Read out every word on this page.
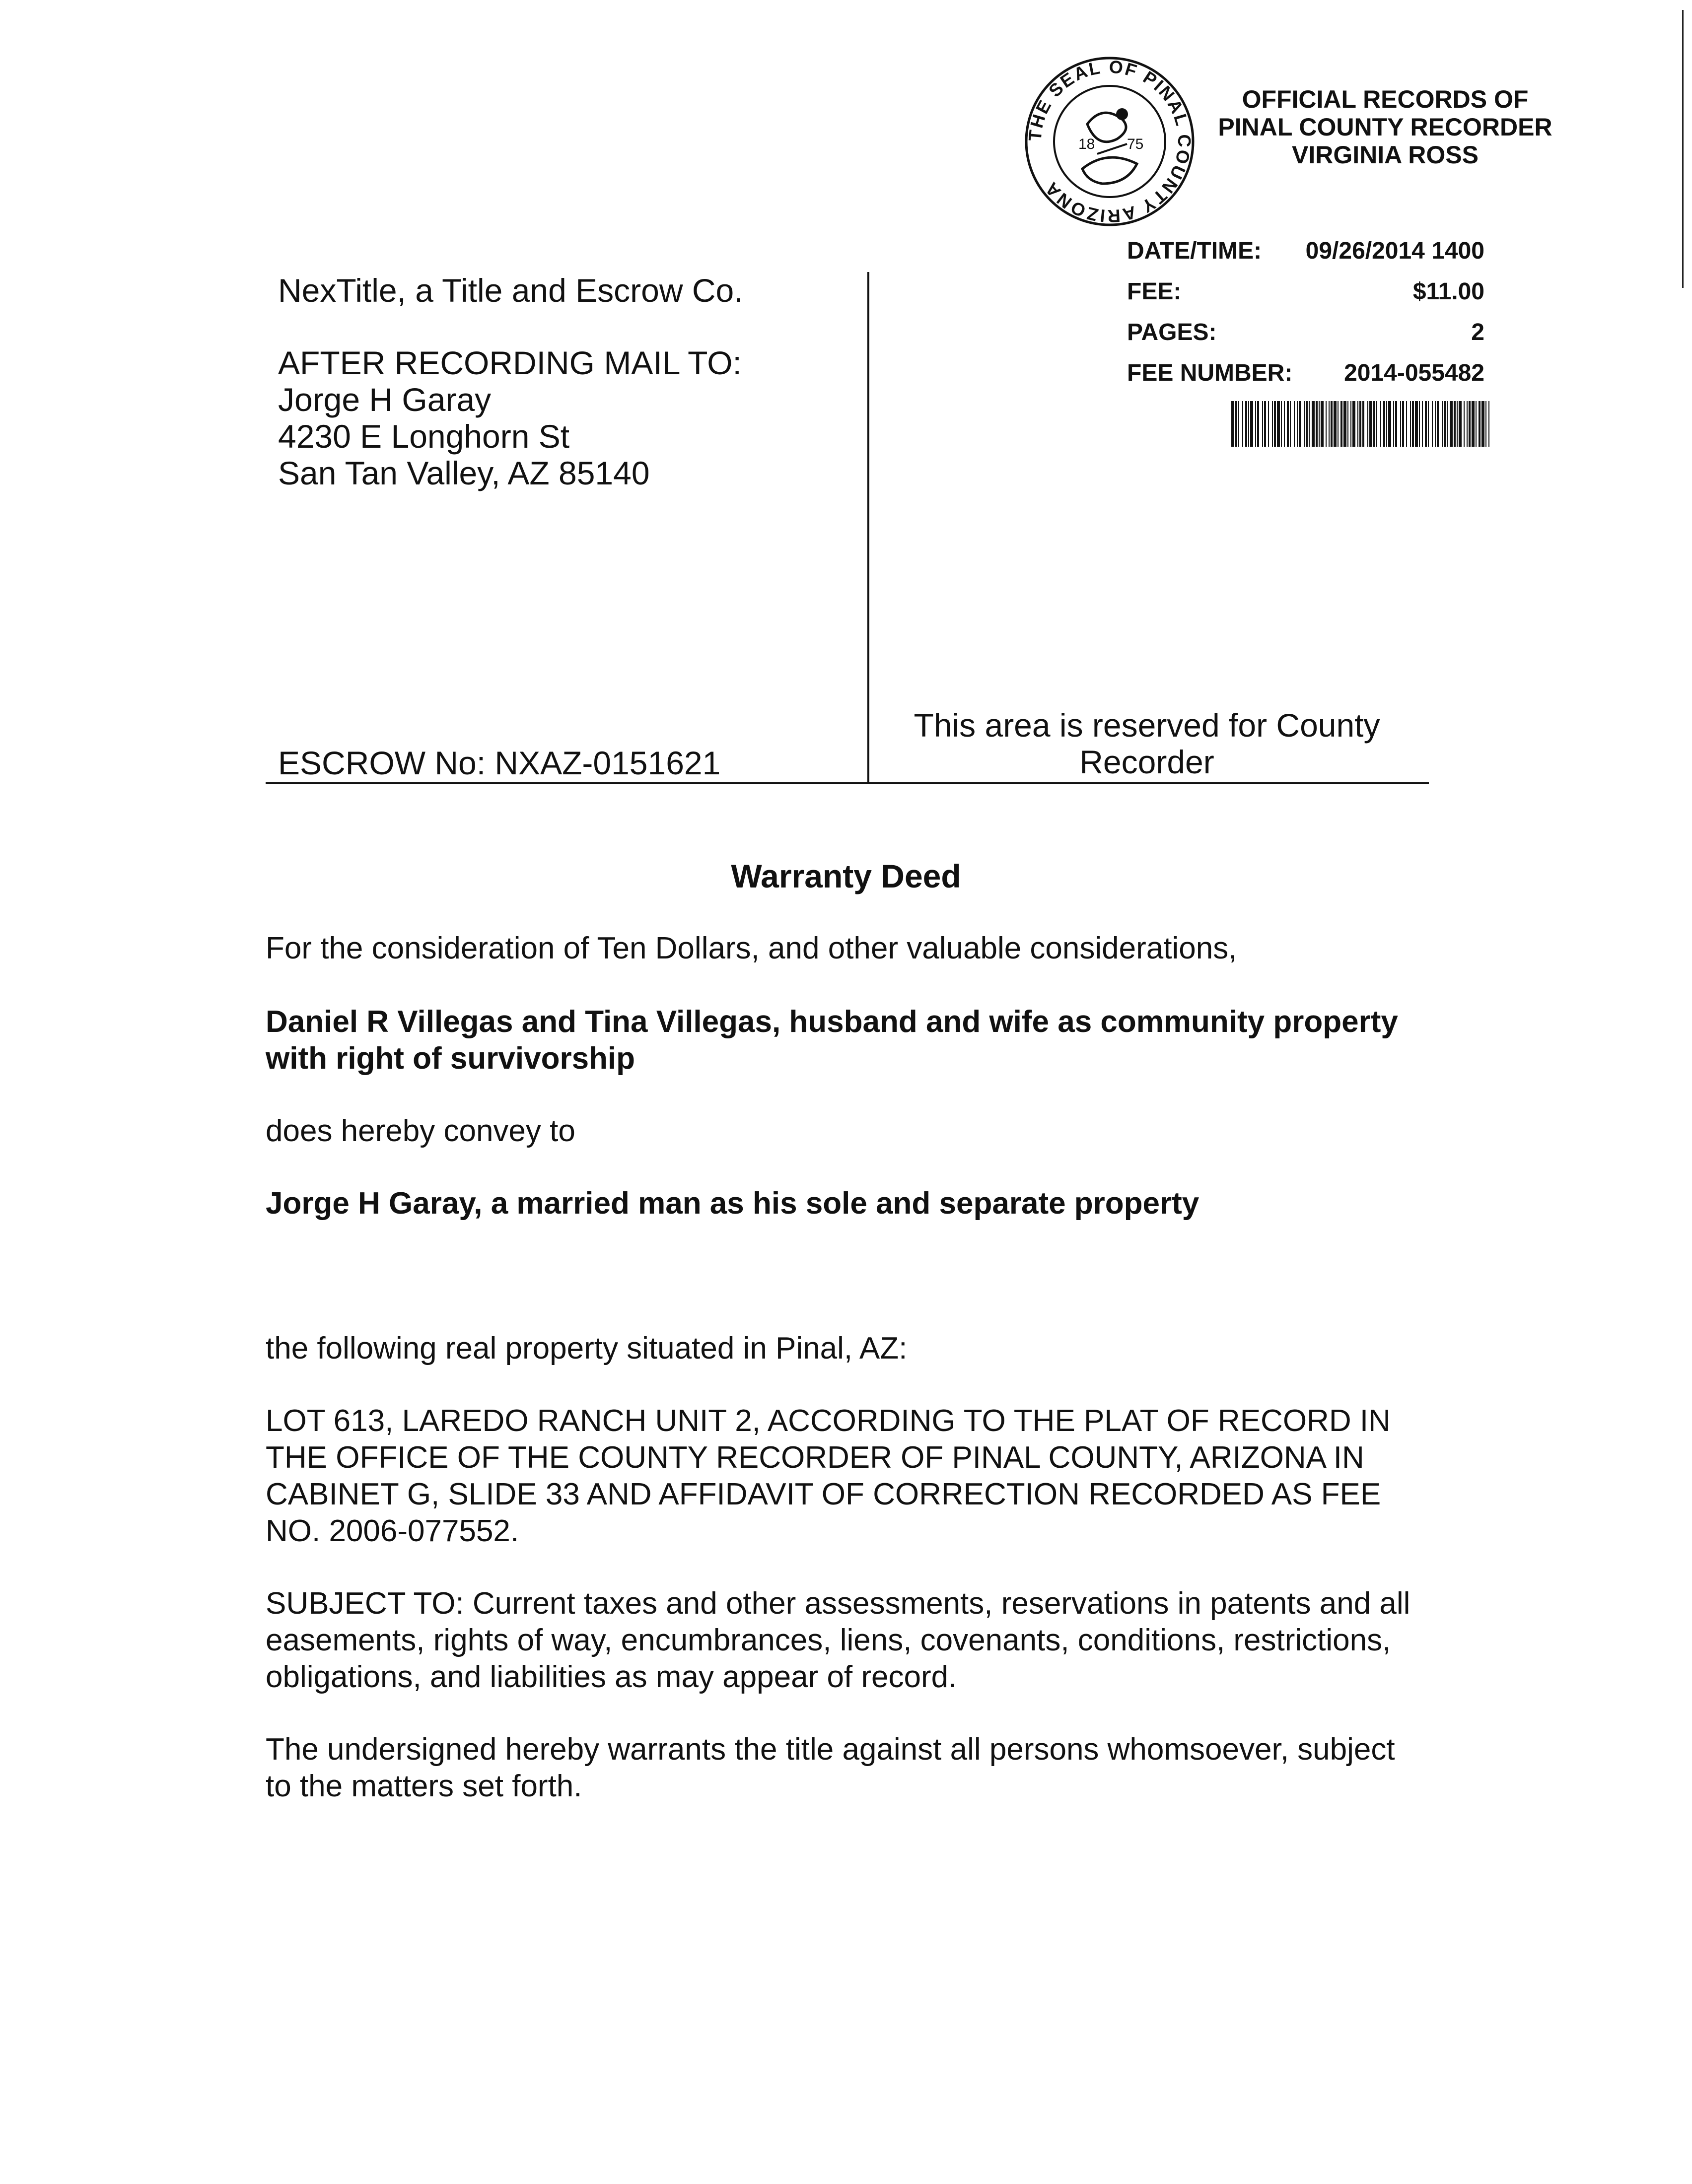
THE SEAL OF PINAL COUNTY ARIZONA
18 75
OFFICIAL RECORDS OF
PINAL COUNTY RECORDER
VIRGINIA ROSS
DATE/TIME: 09/26/2014 1400
FEE:	$11.00
PAGES:	2
FEE NUMBER: 2014-055482
NexTitle, a Title and Escrow Co.
AFTER RECORDING MAIL TO:
Jorge H Garay
4230 E Longhorn St
San Tan Valley, AZ 85140
ESCROW No: NXAZ-0151621
This area is reserved for County
Recorder
Warranty Deed
For the consideration of Ten Dollars, and other valuable considerations,
Daniel R Villegas and Tina Villegas, husband and wife as community property
with right of survivorship
does hereby convey to
Jorge H Garay, a married man as his sole and separate property
the following real property situated in Pinal, AZ:
LOT 613, LAREDO RANCH UNIT 2, ACCORDING TO THE PLAT OF RECORD IN
THE OFFICE OF THE COUNTY RECORDER OF PINAL COUNTY, ARIZONA IN
CABINET G, SLIDE 33 AND AFFIDAVIT OF CORRECTION RECORDED AS FEE
NO. 2006-077552.
SUBJECT TO: Current taxes and other assessments, reservations in patents and all
easements, rights of way, encumbrances, liens, covenants, conditions, restrictions,
obligations, and liabilities as may appear of record.
The undersigned hereby warrants the title against all persons whomsoever, subject
to the matters set forth.
